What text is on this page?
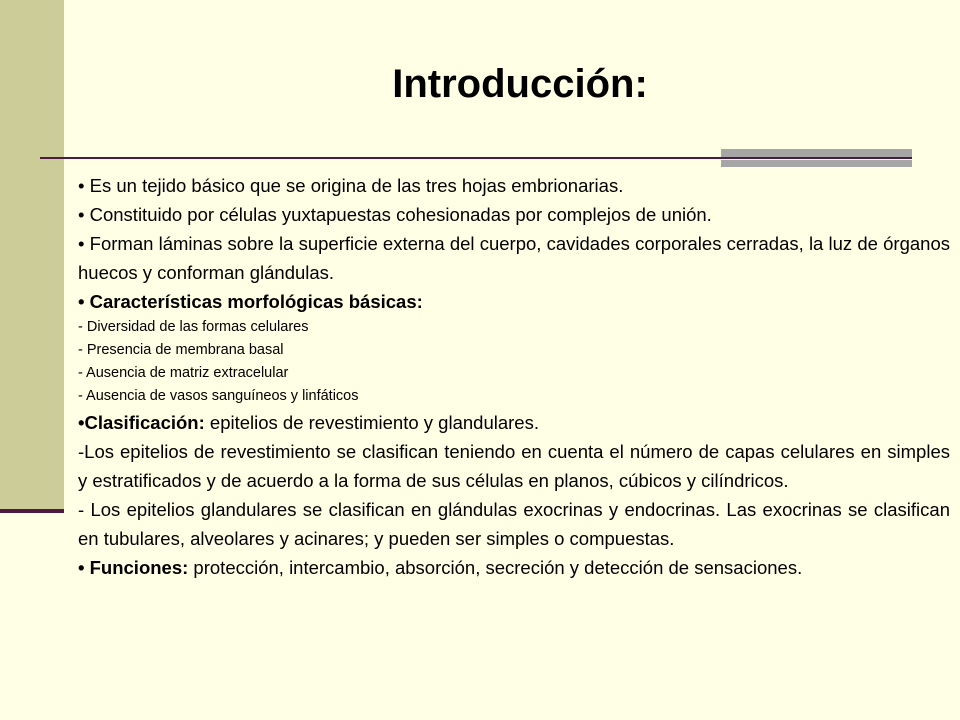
Introducción:

• Es un tejido básico que se origina de las tres hojas embrionarias.

• Constituido por células yuxtapuestas cohesionadas por complejos de unión.

• Forman láminas sobre la superficie externa del cuerpo, cavidades corporales cerradas, la luz de órganos huecos y conforman glándulas.

• Características morfológicas básicas:

- Diversidad de las formas celulares

- Presencia de membrana basal

- Ausencia de matriz extracelular

- Ausencia de vasos sanguíneos y linfáticos

•Clasificación: epitelios de revestimiento y glandulares.

-Los epitelios de revestimiento se clasifican teniendo en cuenta el número de capas celulares en simples y estratificados y de acuerdo a la forma de sus células en planos, cúbicos y cilíndricos.

- Los epitelios glandulares se clasifican en glándulas exocrinas y endocrinas. Las exocrinas se clasifican en tubulares, alveolares y acinares; y pueden ser simples o compuestas.

• Funciones: protección, intercambio, absorción, secreción y detección de sensaciones.
